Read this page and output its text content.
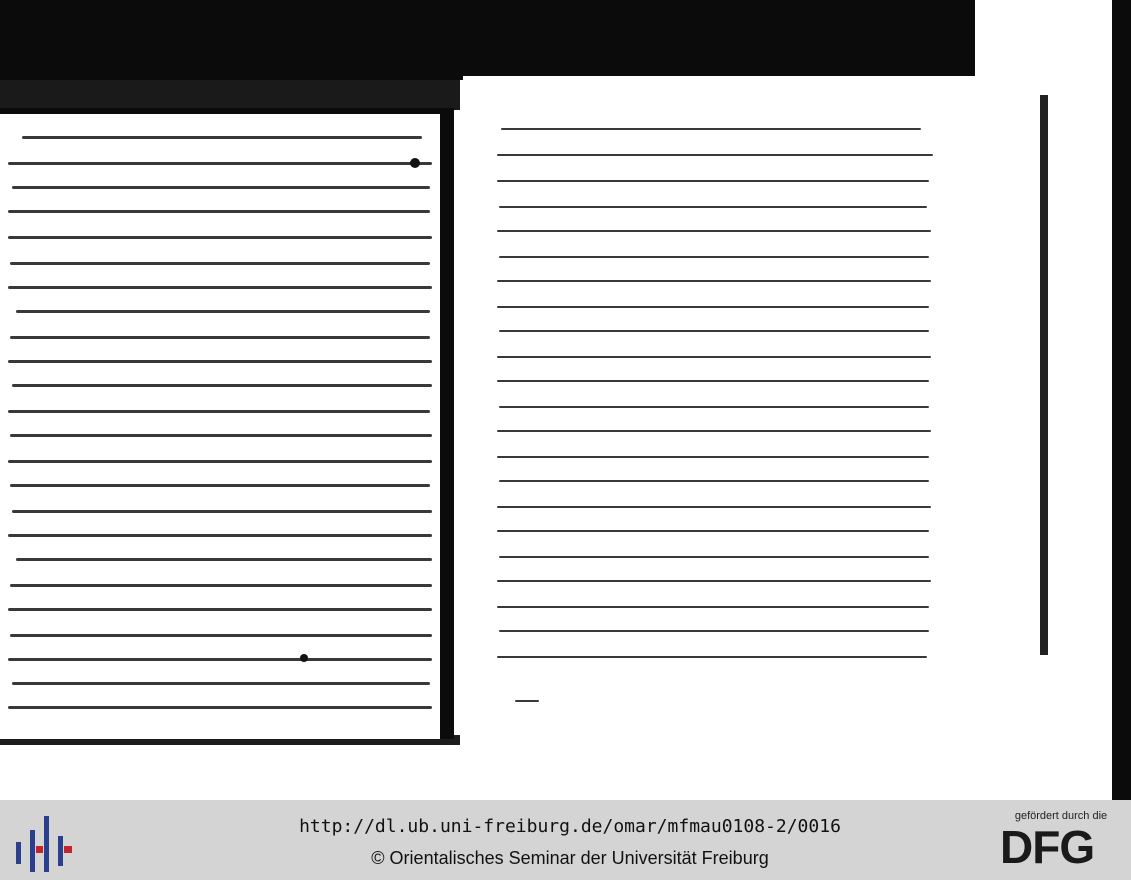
http://dl.ub.uni-freiburg.de/omar/mfmau0108-2/0016
© Orientalisches Seminar der Universität Freiburg
gefördert durch die
DFG
